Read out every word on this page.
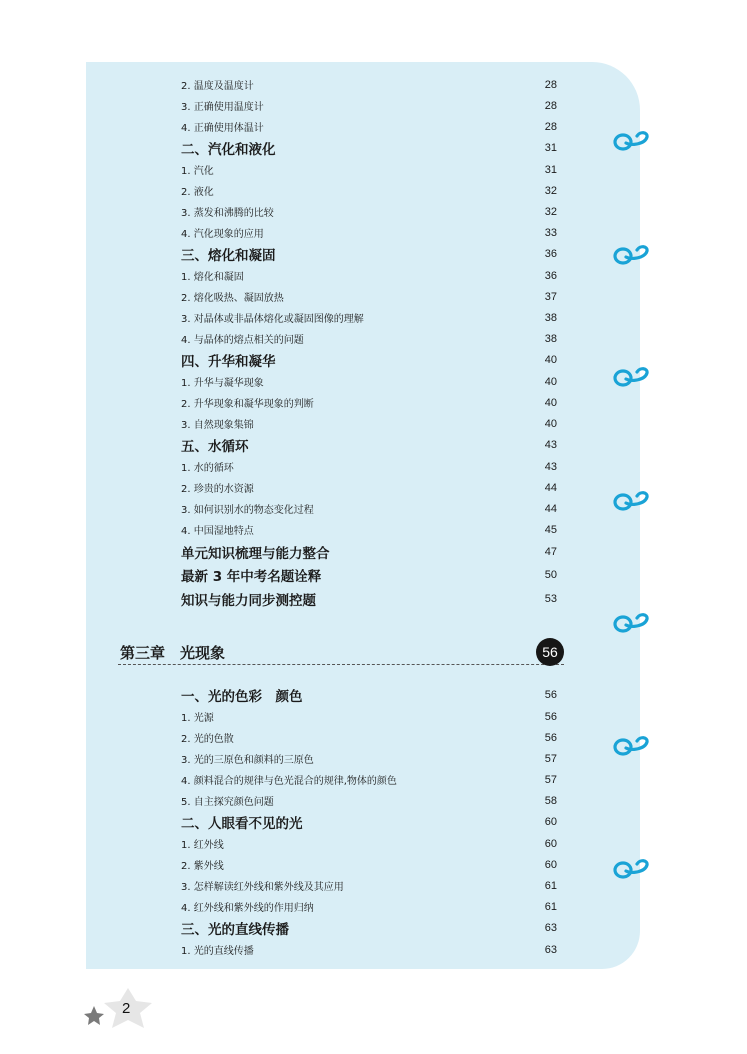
2. 温度及温度计	28
3. 正确使用温度计	28
4. 正确使用体温计	28
二、汽化和液化	31
1. 汽化	31
2. 液化	32
3. 蒸发和沸腾的比较	32
4. 汽化现象的应用	33
三、熔化和凝固	36
1. 熔化和凝固	36
2. 熔化吸热、凝固放热	37
3. 对晶体或非晶体熔化或凝固图像的理解	38
4. 与晶体的熔点相关的问题	38
四、升华和凝华	40
1. 升华与凝华现象	40
2. 升华现象和凝华现象的判断	40
3. 自然现象集锦	40
五、水循环	43
1. 水的循环	43
2. 珍贵的水资源	44
3. 如何识别水的物态变化过程	44
4. 中国湿地特点	45
单元知识梳理与能力整合	47
最新 3 年中考名题诠释	50
知识与能力同步测控题	53
第三章　光现象	56
一、光的色彩　颜色	56
1. 光源	56
2. 光的色散	56
3. 光的三原色和颜料的三原色	57
4. 颜料混合的规律与色光混合的规律,物体的颜色	57
5. 自主探究颜色问题	58
二、人眼看不见的光	60
1. 红外线	60
2. 紫外线	60
3. 怎样解读红外线和紫外线及其应用	61
4. 红外线和紫外线的作用归纳	61
三、光的直线传播	63
1. 光的直线传播	63
2
